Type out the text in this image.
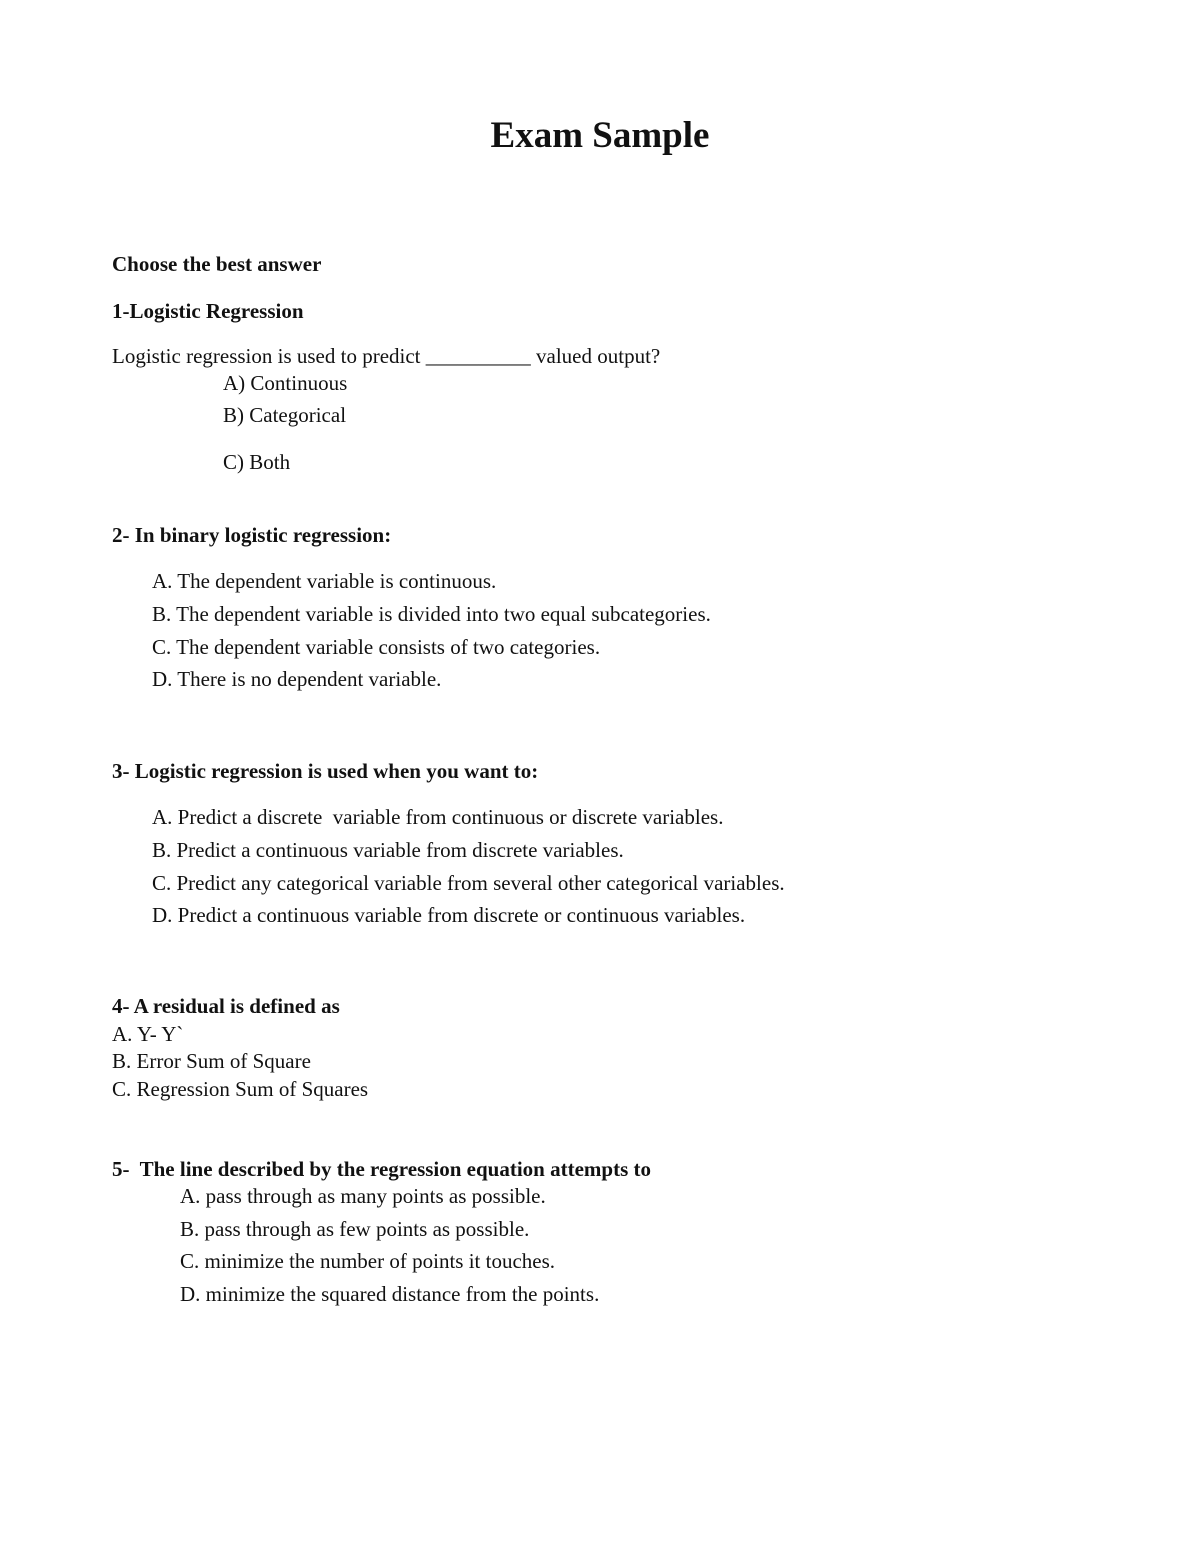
Exam Sample
Choose the best answer
1-Logistic Regression
Logistic regression is used to predict __________ valued output?
A) Continuous
B) Categorical
C) Both
2- In binary logistic regression:
A. The dependent variable is continuous.
B. The dependent variable is divided into two equal subcategories.
C. The dependent variable consists of two categories.
D. There is no dependent variable.
3- Logistic regression is used when you want to:
A. Predict a discrete  variable from continuous or discrete variables.
B. Predict a continuous variable from discrete variables.
C. Predict any categorical variable from several other categorical variables.
D. Predict a continuous variable from discrete or continuous variables.
4- A residual is defined as
A. Y- Y`
B. Error Sum of Square
C. Regression Sum of Squares
5-  The line described by the regression equation attempts to
A. pass through as many points as possible.
B. pass through as few points as possible.
C. minimize the number of points it touches.
D. minimize the squared distance from the points.
